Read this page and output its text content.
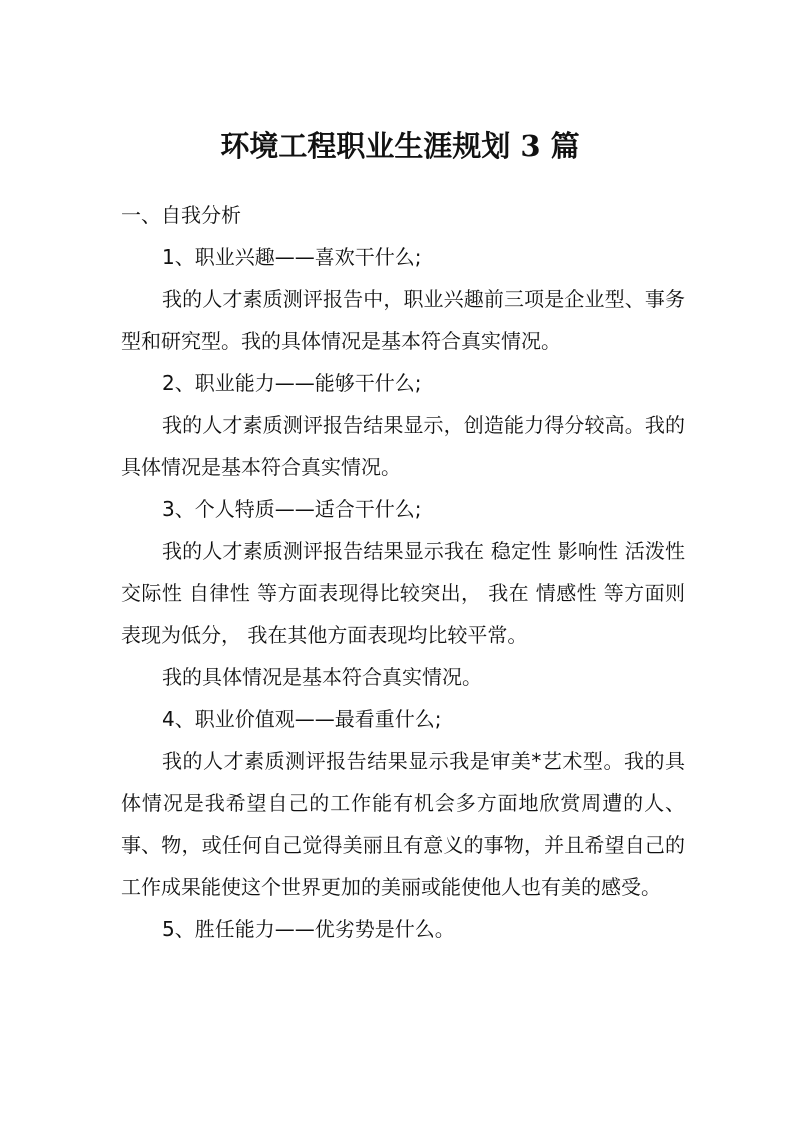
环境工程职业生涯规划 3 篇

一、自我分析

1、职业兴趣——喜欢干什么;

我的人才素质测评报告中，职业兴趣前三项是企业型、事务型和研究型。我的具体情况是基本符合真实情况。

2、职业能力——能够干什么;

我的人才素质测评报告结果显示，创造能力得分较高。我的具体情况是基本符合真实情况。

3、个人特质——适合干什么;

我的人才素质测评报告结果显示我在 稳定性 影响性 活泼性 交际性 自律性 等方面表现得比较突出， 我在 情感性 等方面则表现为低分， 我在其他方面表现均比较平常。

我的具体情况是基本符合真实情况。

4、职业价值观——最看重什么;

我的人才素质测评报告结果显示我是审美*艺术型。我的具体情况是我希望自己的工作能有机会多方面地欣赏周遭的人、事、物，或任何自己觉得美丽且有意义的事物，并且希望自己的工作成果能使这个世界更加的美丽或能使他人也有美的感受。

5、胜任能力——优劣势是什么。
